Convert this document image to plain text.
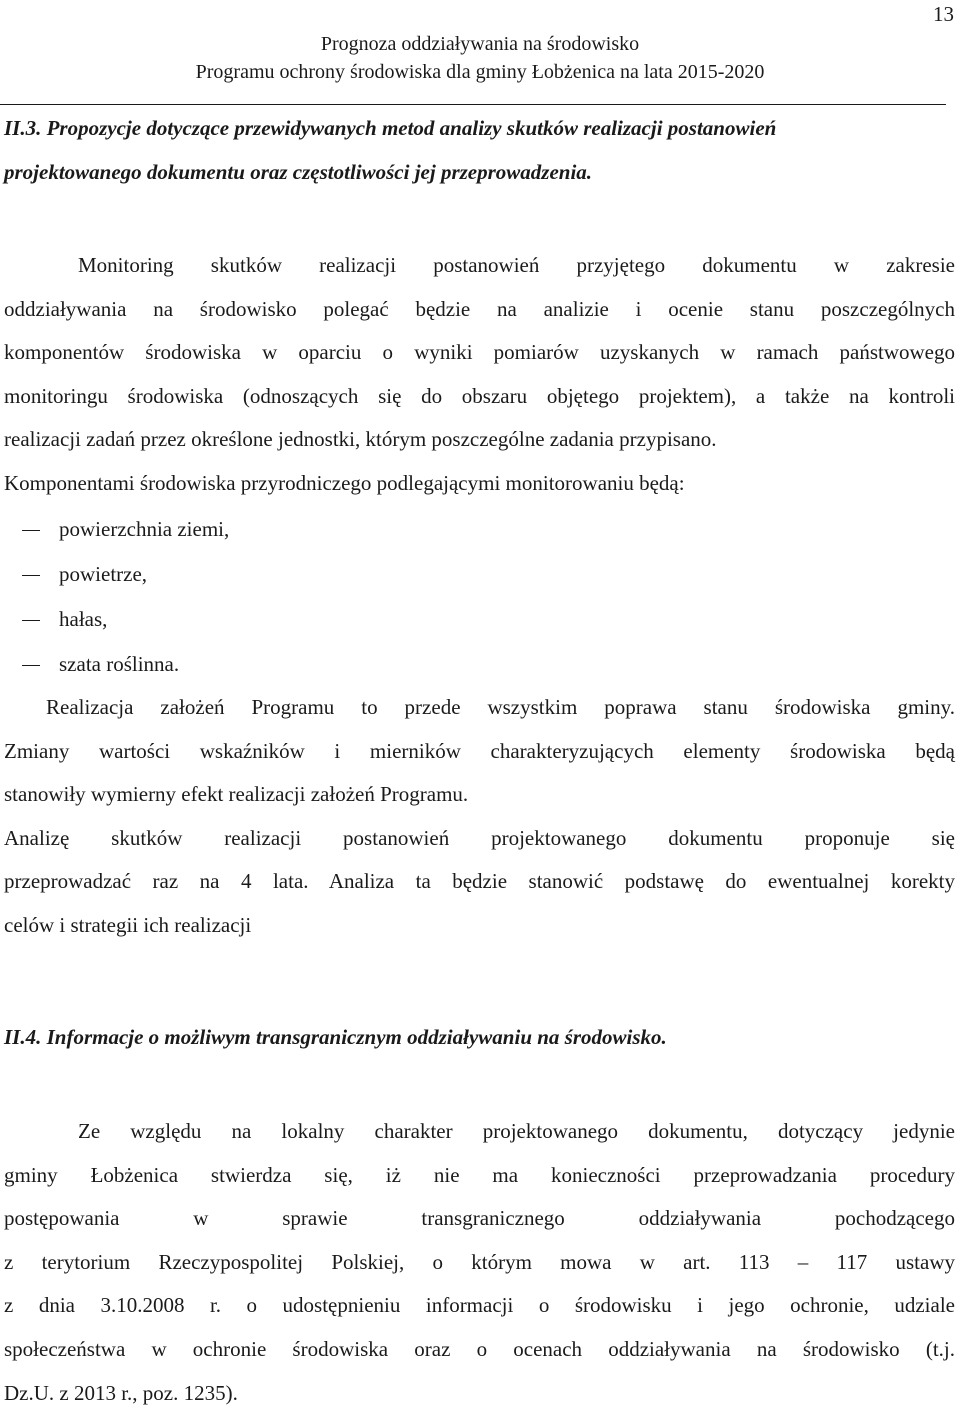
13
Prognoza oddziaływania na środowisko
Programu ochrony środowiska dla gminy Łobżenica na lata 2015-2020
II.3. Propozycje dotyczące przewidywanych metod analizy skutków realizacji postanowień
projektowanego dokumentu oraz częstotliwości jej przeprowadzenia.
Monitoring skutków realizacji postanowień przyjętego dokumentu w zakresie
oddziaływania na środowisko polegać będzie na analizie i ocenie stanu poszczególnych
komponentów środowiska w oparciu o wyniki pomiarów uzyskanych w ramach państwowego
monitoringu środowiska (odnoszących się do obszaru objętego projektem), a także na kontroli
realizacji zadań przez określone jednostki, którym poszczególne zadania przypisano.
Komponentami środowiska przyrodniczego podlegającymi monitorowaniu będą:
powierzchnia ziemi,
powietrze,
hałas,
szata roślinna.
Realizacja założeń Programu to przede wszystkim poprawa stanu środowiska gminy.
Zmiany wartości wskaźników i mierników charakteryzujących elementy środowiska będą
stanowiły wymierny efekt realizacji założeń Programu.
Analizę skutków realizacji postanowień projektowanego dokumentu proponuje się
przeprowadzać raz na 4 lata. Analiza ta będzie stanowić podstawę do ewentualnej korekty
celów i strategii ich realizacji
II.4. Informacje o możliwym transgranicznym oddziaływaniu na środowisko.
Ze względu na lokalny charakter projektowanego dokumentu, dotyczący jedynie
gminy Łobżenica stwierdza się, iż nie ma konieczności przeprowadzania procedury
postępowania w sprawie transgranicznego oddziaływania pochodzącego
z terytorium Rzeczypospolitej Polskiej, o którym mowa w art. 113 – 117 ustawy
z dnia 3.10.2008 r. o udostępnieniu informacji o środowisku i jego ochronie, udziale
społeczeństwa w ochronie środowiska oraz o ocenach oddziaływania na środowisko (t.j.
Dz.U. z 2013 r., poz. 1235).
